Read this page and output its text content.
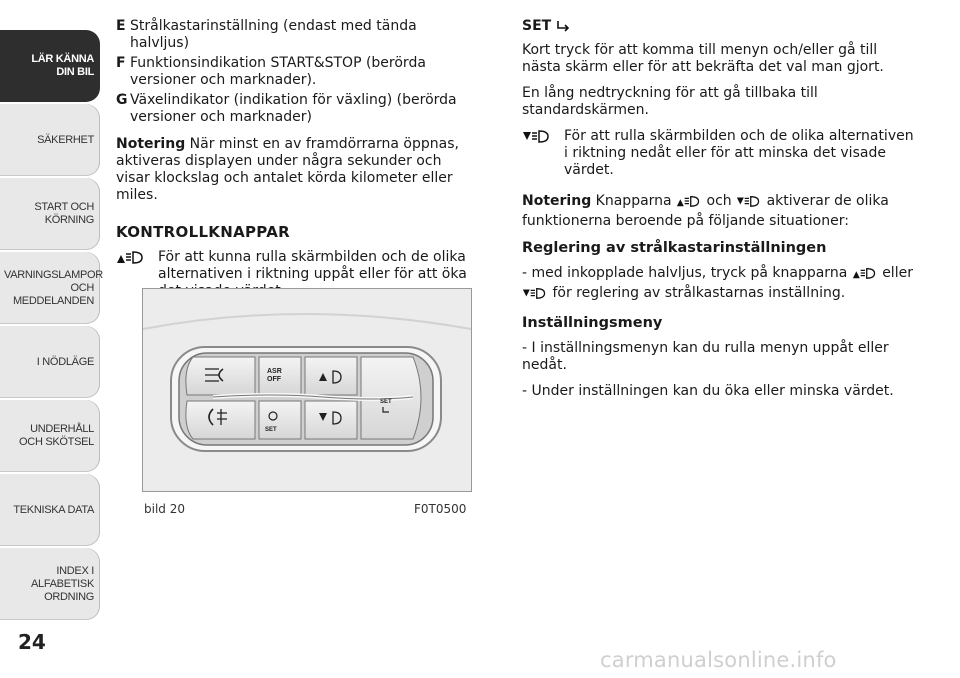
LÄR KÄNNA DIN BIL
SÄKERHET
START OCH KÖRNING
VARNINGSLAMPOR OCH MEDDELANDEN
I NÖDLÄGE
UNDERHÅLL OCH SKÖTSEL
TEKNISKA DATA
INDEX I ALFABETISK ORDNING
24
E Strålkastarinställning (endast med tända halvljus)
F Funktionsindikation START&STOP (berörda versioner och marknader).
G Växelindikator (indikation för växling) (berörda versioner och marknader)

Notering När minst en av framdörrarna öppnas, aktiveras displayen under några sekunder och visar klockslag och antalet körda kilometer eller miles.

KONTROLLKNAPPAR
För att kunna rulla skärmbilden och de olika alternativen i riktning uppåt eller för att öka
ASR
OFF
SET
SET
bild 20	F0T0500
SET

Kort tryck för att komma till menyn och/eller gå till nästa skärm eller för att bekräfta det val man gjort.

En lång nedtryckning för att gå tillbaka till standardskärmen.

För att rulla skärmbilden och de olika alternativen i riktning nedåt eller för att minska det visade värdet.

Notering Knapparna och aktiverar de olika funktionerna beroende på följande situationer:

Reglering av strålkastarinställningen

- med inkopplade halvljus, tryck på knapparna eller  för reglering av strålkastarnas inställning.

Inställningsmeny

- I inställningsmenyn kan du rulla menyn uppåt eller nedåt.

- Under inställningen kan du öka eller minska värdet.

carmanualsonline.info
